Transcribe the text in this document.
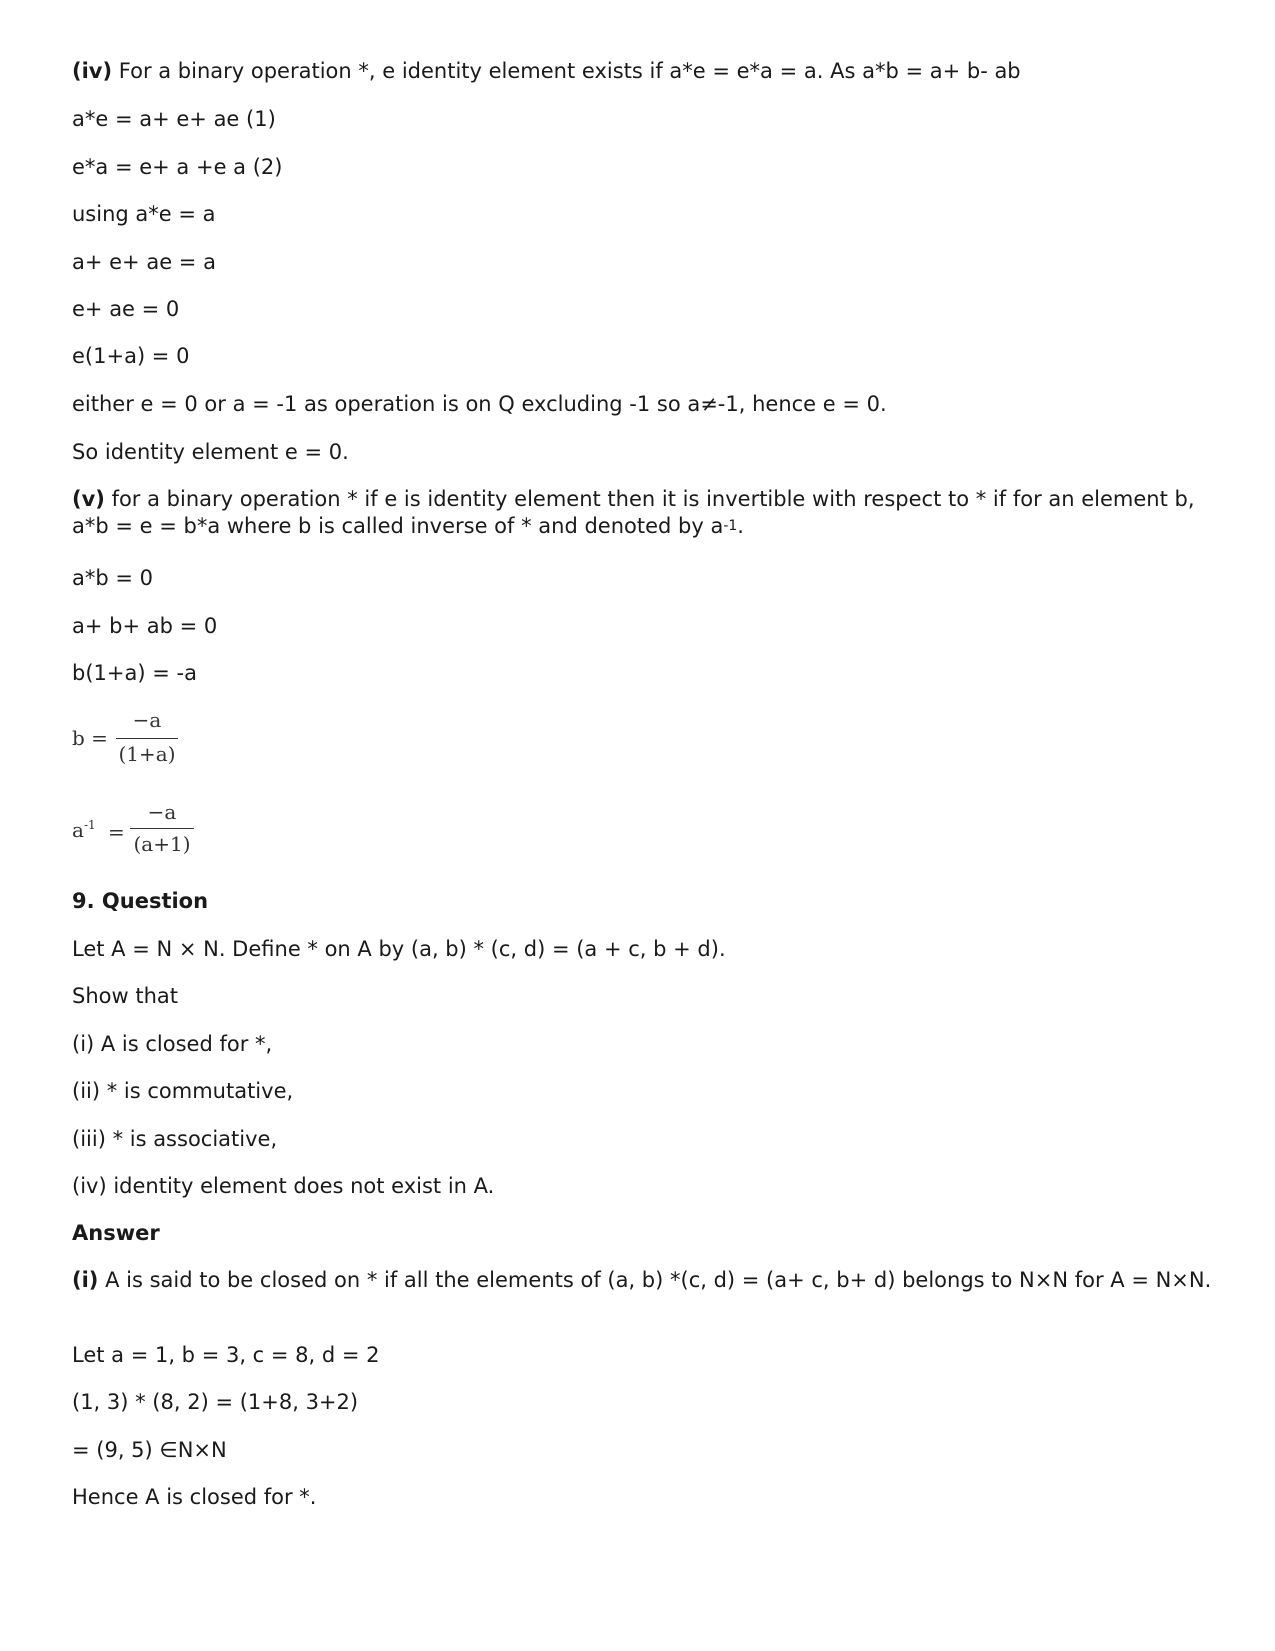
(iv) For a binary operation *, e identity element exists if a*e = e*a = a. As a*b = a+ b- ab
a*e = a+ e+ ae (1)
e*a = e+ a +e a (2)
using a*e = a
a+ e+ ae = a
e+ ae = 0
e(1+a) = 0
either e = 0 or a = -1 as operation is on Q excluding -1 so a≠-1, hence e = 0.
So identity element e = 0.
(v) for a binary operation * if e is identity element then it is invertible with respect to * if for an element b, a*b = e = b*a where b is called inverse of * and denoted by $a^{-1}$.
a*b = 0
a+ b+ ab = 0
b(1+a) = -a
b =
−a
(1+a)
$a^{-1}$ =
−a
(a+1)
9. Question
Let A = N × N. Define * on A by (a, b) * (c, d) = (a + c, b + d).
Show that
(i) A is closed for *,
(ii) * is commutative,
(iii) * is associative,
(iv) identity element does not exist in A.
Answer
(i) A is said to be closed on * if all the elements of (a, b) *(c, d) = (a+ c, b+ d) belongs to N×N for A = N×N.
Let a = 1, b = 3, c = 8, d = 2
(1, 3) * (8, 2) = (1+8, 3+2)
= (9, 5) ∈N×N
Hence A is closed for *.
